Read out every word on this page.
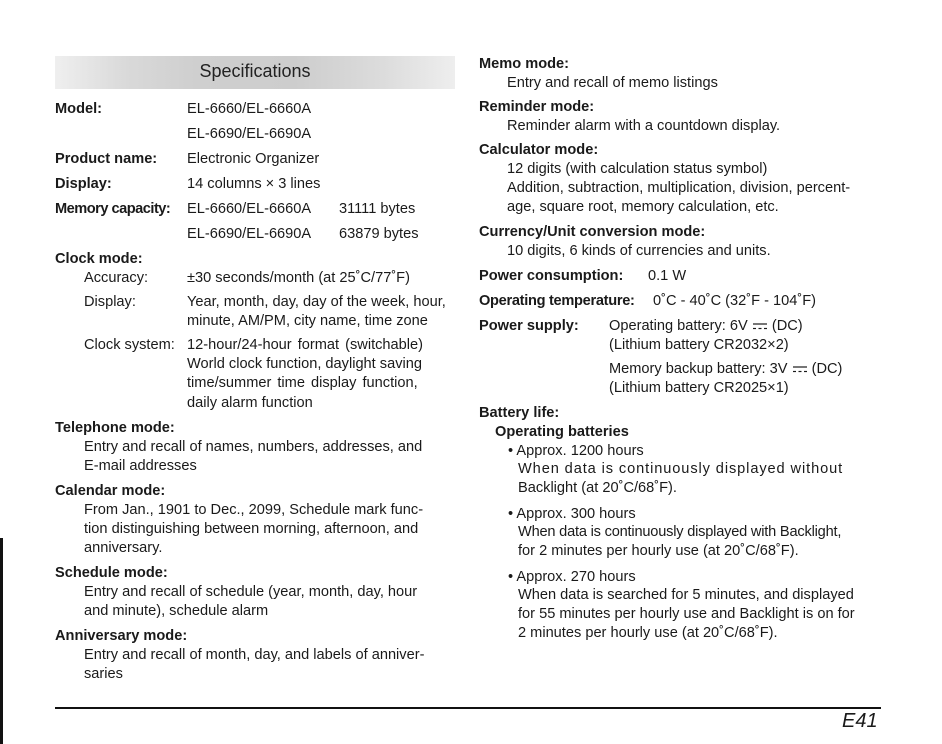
Specifications
Model:	EL-6660/EL-6660A
EL-6690/EL-6690A
Product name: Electronic Organizer
Display:	14 columns × 3 lines
Memory capacity: EL-6660/EL-6660A 31111 bytes
EL-6690/EL-6690A 63879 bytes
Clock mode:
Accuracy:	±30 seconds/month (at 25˚C/77˚F)
Display:	Year, month, day, day of the week, hour,
minute, AM/PM, city name, time zone
Clock system: 12-hour/24-hour format (switchable)
World clock function, daylight saving
time/summer time display function,
daily alarm function
Telephone mode:
Entry and recall of names, numbers, addresses, and
E-mail addresses
Calendar mode:
From Jan., 1901 to Dec., 2099, Schedule mark func-
tion distinguishing between morning, afternoon, and
anniversary.
Schedule mode:
Entry and recall of schedule (year, month, day, hour
and minute), schedule alarm
Anniversary mode:
Entry and recall of month, day, and labels of anniver-
saries
Memo mode:
Entry and recall of memo listings
Reminder mode:
Reminder alarm with a countdown display.
Calculator mode:
12 digits (with calculation status symbol)
Addition, subtraction, multiplication, division, percent-
age, square root, memory calculation, etc.
Currency/Unit conversion mode:
10 digits, 6 kinds of currencies and units.
Power consumption: 0.1 W
Operating temperature: 0˚C - 40˚C (32˚F - 104˚F)
Power supply: Operating battery: 6V (DC)
(Lithium battery CR2032×2)
Memory backup battery: 3V (DC)
(Lithium battery CR2025×1)
Battery life:
Operating batteries
• Approx. 1200 hours
When data is continuously displayed without
Backlight (at 20˚C/68˚F).
• Approx. 300 hours
When data is continuously displayed with Backlight,
for 2 minutes per hourly use (at 20˚C/68˚F).
• Approx. 270 hours
When data is searched for 5 minutes, and displayed
for 55 minutes per hourly use and Backlight is on for
2 minutes per hourly use (at 20˚C/68˚F).
E41
